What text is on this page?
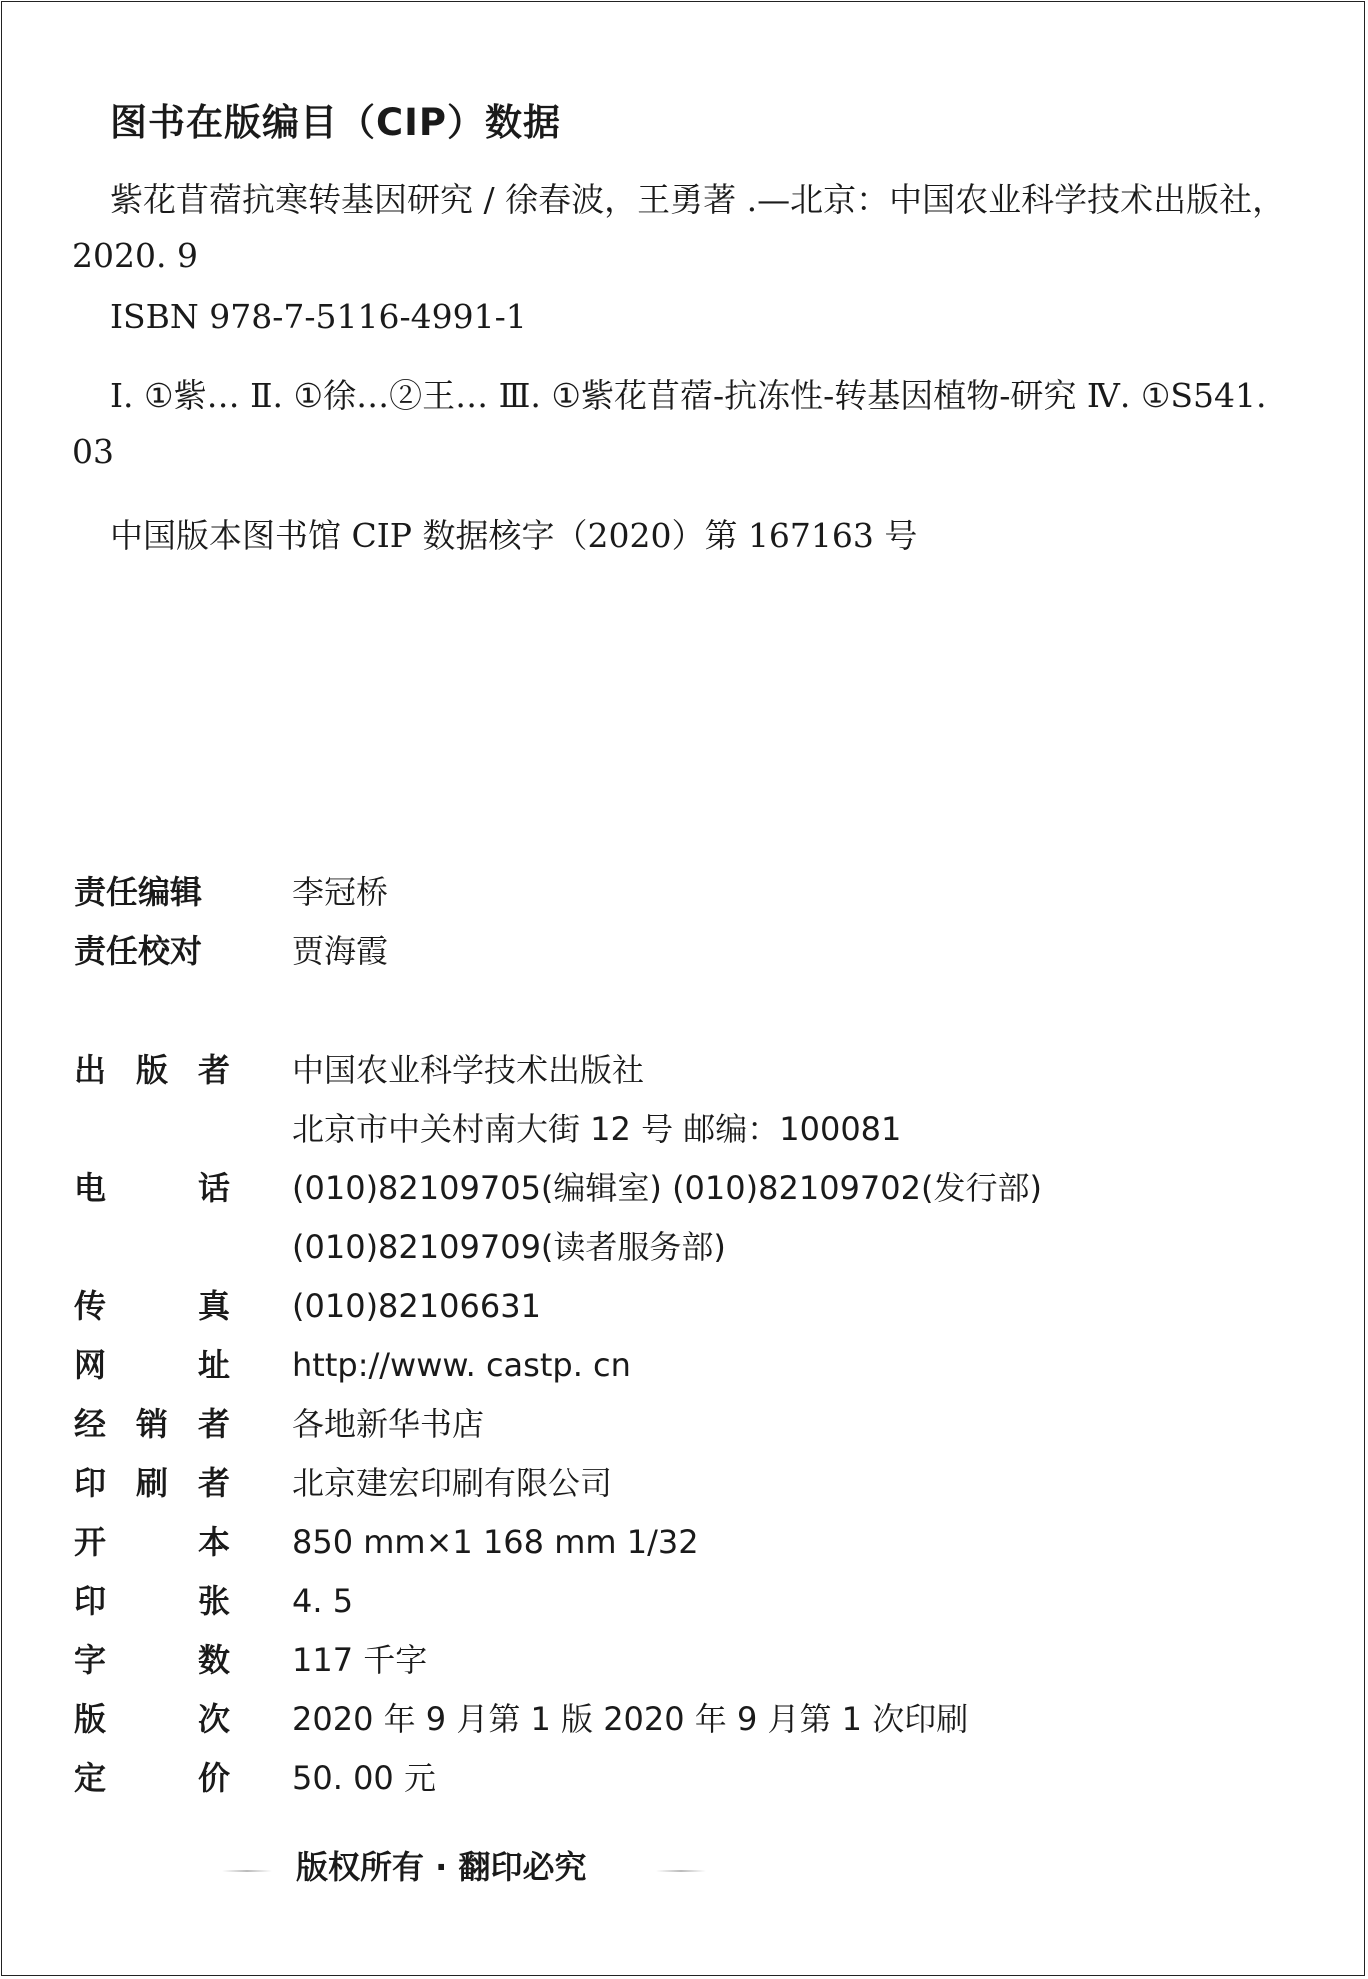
图书在版编目（CIP）数据
紫花苜蓿抗寒转基因研究 / 徐春波，王勇著 .—北京：中国农业科学技术出版社，2020. 9
ISBN 978-7-5116-4991-1
Ⅰ. ①紫… Ⅱ. ①徐…②王… Ⅲ. ①紫花苜蓿-抗冻性-转基因植物-研究 Ⅳ. ①S541. 03
中国版本图书馆 CIP 数据核字（2020）第 167163 号
责任编辑	李冠桥
责任校对	贾海霞
出 版 者 中国农业科学技术出版社
北京市中关村南大街 12 号 邮编：100081
电	话 (010)82109705(编辑室) (010)82109702(发行部)
(010)82109709(读者服务部)
传	真 (010)82106631
网	址 http://www. castp. cn
经 销 者 各地新华书店
印 刷 者 北京建宏印刷有限公司
开	本 850 mm×1 168 mm 1/32
印	张 4. 5
字	数 117 千字
版	次 2020 年 9 月第 1 版 2020 年 9 月第 1 次印刷
定	价 50. 00 元
版权所有 · 翻印必究
